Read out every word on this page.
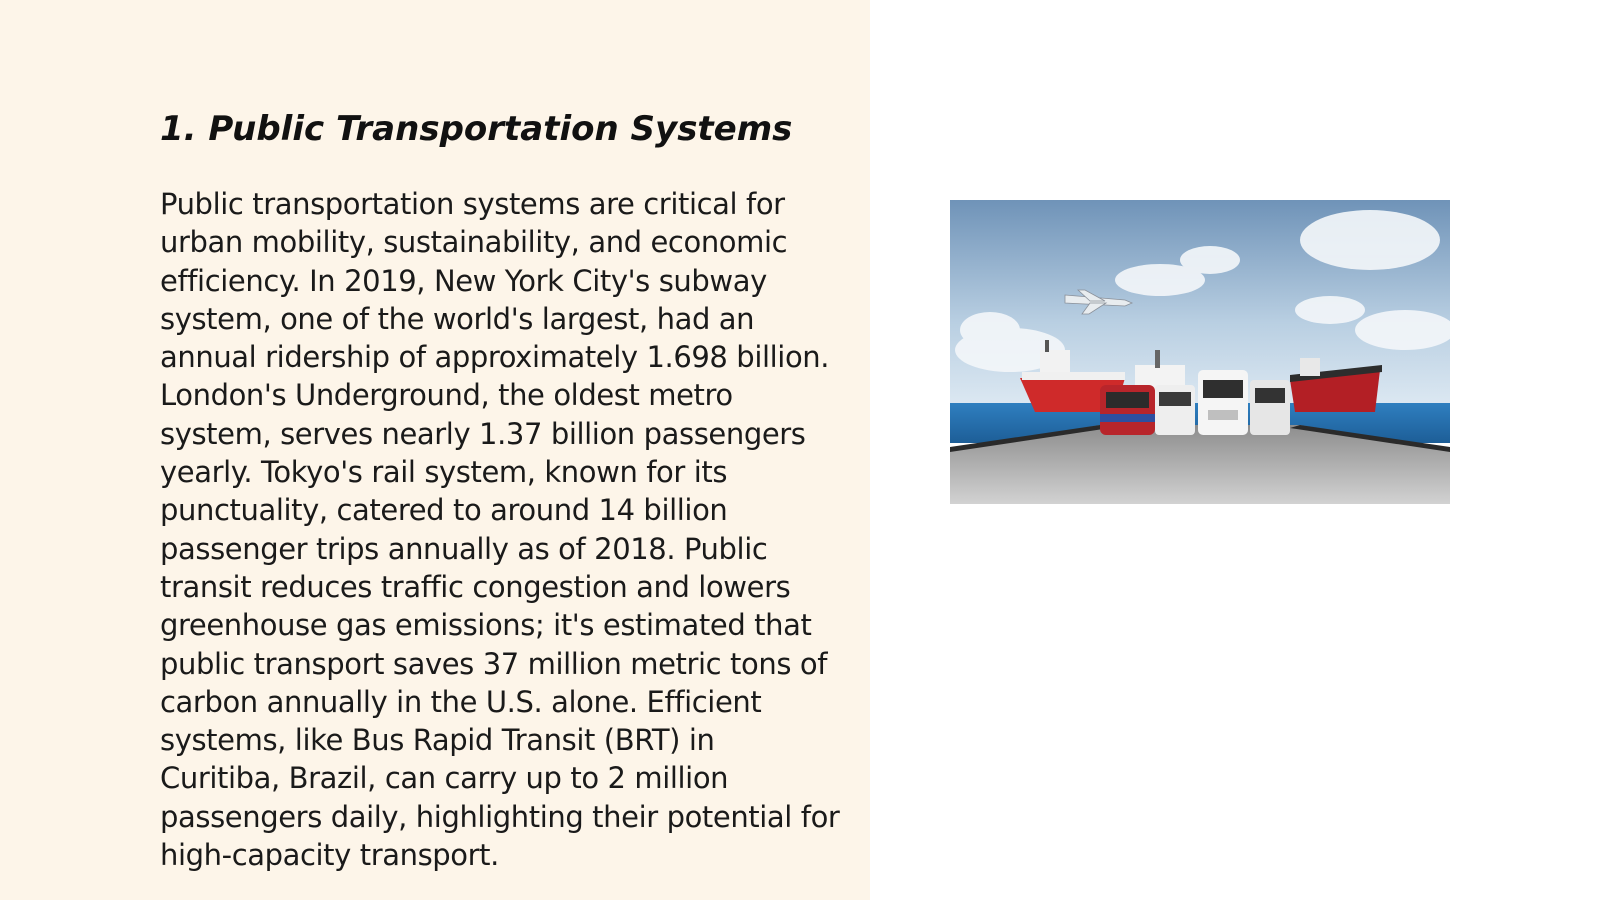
1. Public Transportation Systems

Public transportation systems are critical for urban mobility, sustainability, and economic efficiency. In 2019, New York City's subway system, one of the world's largest, had an annual ridership of approximately 1.698 billion. London's Underground, the oldest metro system, serves nearly 1.37 billion passengers yearly. Tokyo's rail system, known for its punctuality, catered to around 14 billion passenger trips annually as of 2018. Public transit reduces traffic congestion and lowers greenhouse gas emissions; it's estimated that public transport saves 37 million metric tons of carbon annually in the U.S. alone. Efficient systems, like Bus Rapid Transit (BRT) in Curitiba, Brazil, can carry up to 2 million passengers daily, highlighting their potential for high-capacity transport.
